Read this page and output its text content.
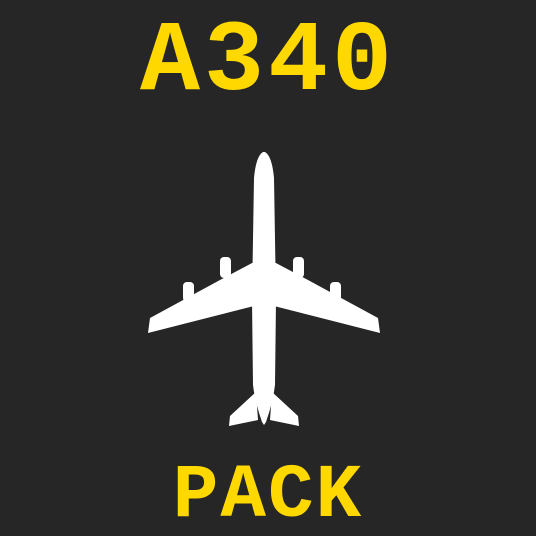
A340
PACK
